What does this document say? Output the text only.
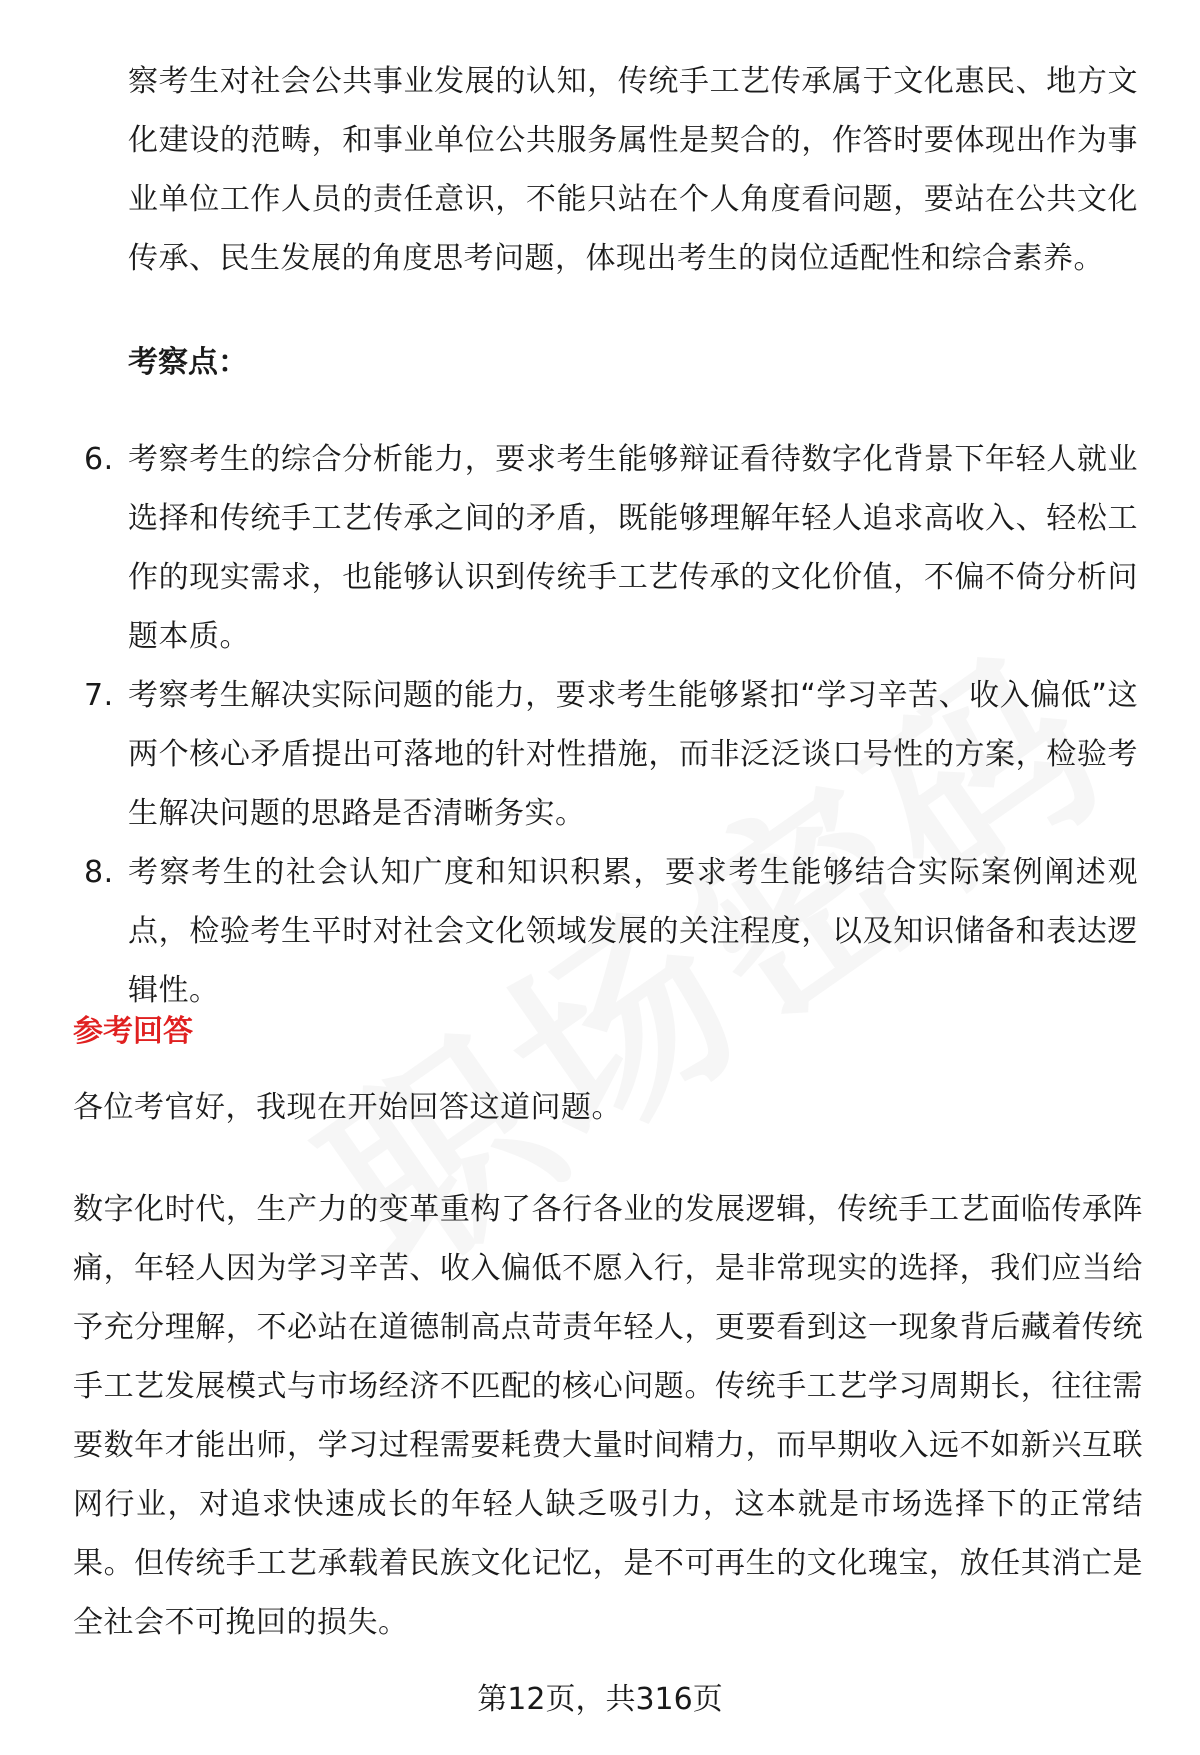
察考生对社会公共事业发展的认知，传统手工艺传承属于文化惠民、地方文化建设的范畴，和事业单位公共服务属性是契合的，作答时要体现出作为事业单位工作人员的责任意识，不能只站在个人角度看问题，要站在公共文化传承、民生发展的角度思考问题，体现出考生的岗位适配性和综合素养。

考察点：

6. 考察考生的综合分析能力，要求考生能够辩证看待数字化背景下年轻人就业选择和传统手工艺传承之间的矛盾，既能够理解年轻人追求高收入、轻松工作的现实需求，也能够认识到传统手工艺传承的文化价值，不偏不倚分析问题本质。
7. 考察考生解决实际问题的能力，要求考生能够紧扣“学习辛苦、收入偏低”这两个核心矛盾提出可落地的针对性措施，而非泛泛谈口号性的方案，检验考生解决问题的思路是否清晰务实。
8. 考察考生的社会认知广度和知识积累，要求考生能够结合实际案例阐述观点，检验考生平时对社会文化领域发展的关注程度，以及知识储备和表达逻辑性。

参考回答

各位考官好，我现在开始回答这道问题。

数字化时代，生产力的变革重构了各行各业的发展逻辑，传统手工艺面临传承阵痛，年轻人因为学习辛苦、收入偏低不愿入行，是非常现实的选择，我们应当给予充分理解，不必站在道德制高点苛责年轻人，更要看到这一现象背后藏着传统手工艺发展模式与市场经济不匹配的核心问题。传统手工艺学习周期长，往往需要数年才能出师，学习过程需要耗费大量时间精力，而早期收入远不如新兴互联网行业，对追求快速成长的年轻人缺乏吸引力，这本就是市场选择下的正常结果。但传统手工艺承载着民族文化记忆，是不可再生的文化瑰宝，放任其消亡是全社会不可挽回的损失。

第12页，共316页
